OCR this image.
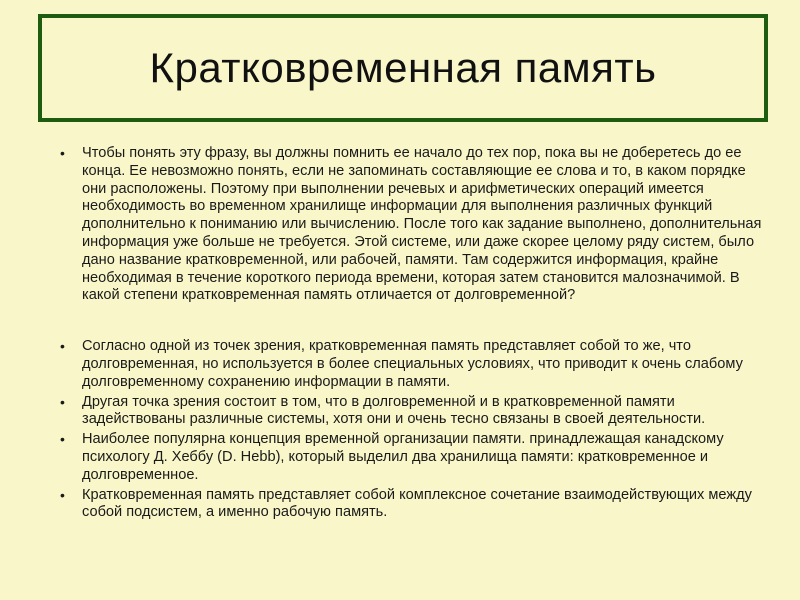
Кратковременная память
•	Чтобы понять эту фразу, вы должны помнить ее начало до тех пор, пока вы не доберетесь до ее конца. Ее невозможно понять, если не запоминать составляющие ее слова и то, в каком порядке они расположены. Поэтому при выполнении речевых и арифметических операций имеется необходимость во временном хранилище информации для выполнения различных функций дополнительно к пониманию или вычислению. После того как задание выполнено, дополнительная информация уже больше не требуется. Этой системе, или даже скорее целому ряду систем, было дано название кратковременной, или рабочей, памяти. Там содержится информация, крайне необходимая в течение короткого периода времени, которая затем становится малозначимой. В какой степени кратковременная память отличается от долговременной?
•	Согласно одной из точек зрения, кратковременная память представляет собой то же, что долговременная, но используется в более специальных условиях, что приводит к очень слабому долговременному сохранению информации в памяти.
•	Другая точка зрения состоит в том, что в долговременной и в кратковременной памяти задействованы различные системы, хотя они и очень тесно связаны в своей деятельности.
•	Наиболее популярна концепция временной организации памяти. принадлежащая канадскому психологу Д. Хеббу (D. Hebb), который выделил два хранилища памяти: кратковременное и долговременное.
•	Кратковременная память представляет собой комплексное сочетание взаимодействующих между собой подсистем, а именно рабочую память.
